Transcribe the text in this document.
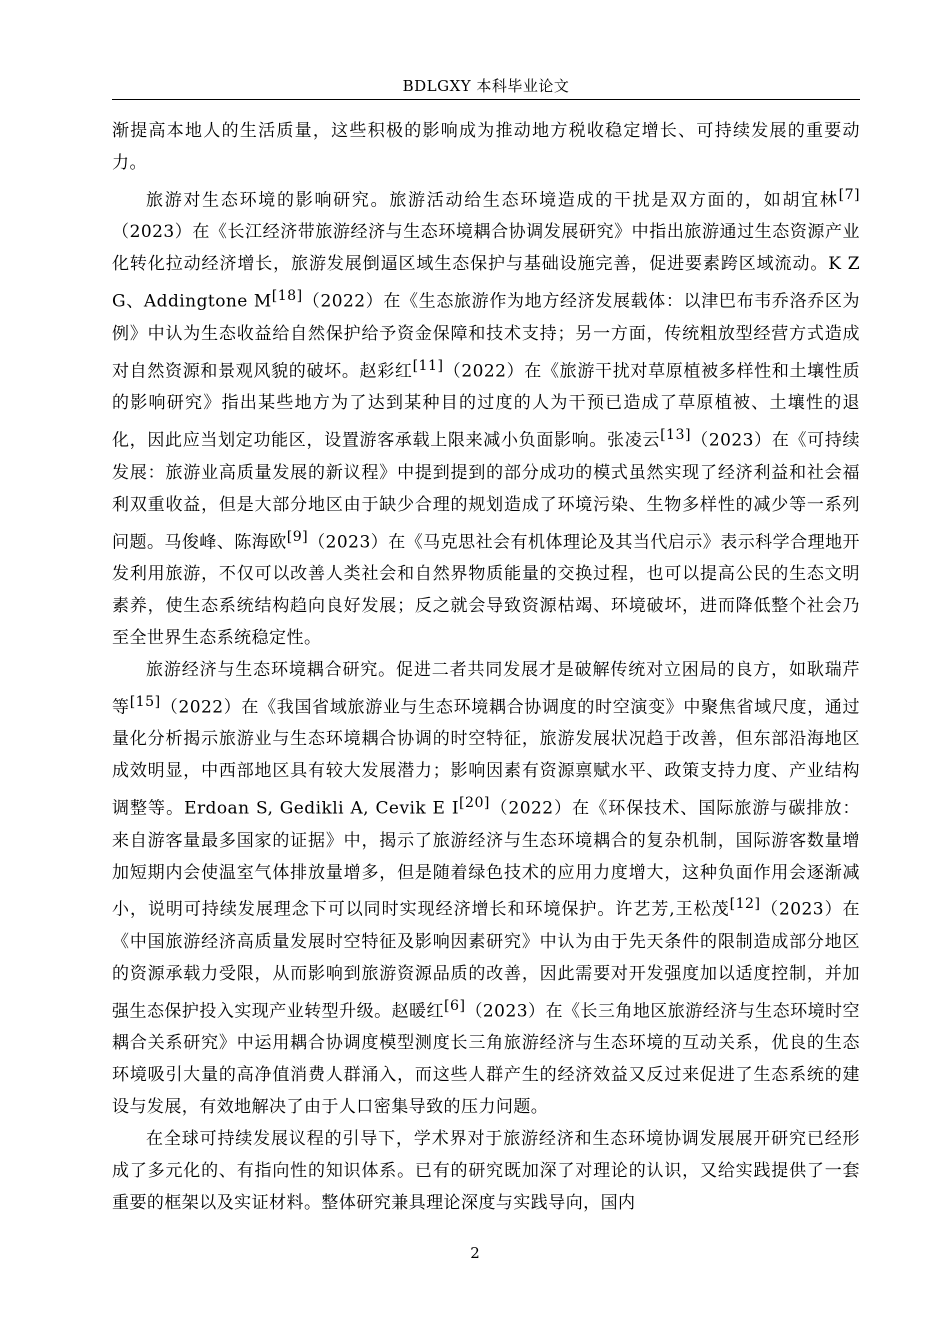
BDLGXY 本科毕业论文

渐提高本地人的生活质量，这些积极的影响成为推动地方税收稳定增长、可持续发展的重要动力。

旅游对生态环境的影响研究。旅游活动给生态环境造成的干扰是双方面的，如胡宜林[7]（2023）在《长江经济带旅游经济与生态环境耦合协调发展研究》中指出旅游通过生态资源产业化转化拉动经济增长，旅游发展倒逼区域生态保护与基础设施完善，促进要素跨区域流动。K Z G、Addingtone M[18]（2022）在《生态旅游作为地方经济发展载体：以津巴布韦乔洛乔区为例》中认为生态收益给自然保护给予资金保障和技术支持；另一方面，传统粗放型经营方式造成对自然资源和景观风貌的破坏。赵彩红[11]（2022）在《旅游干扰对草原植被多样性和土壤性质的影响研究》指出某些地方为了达到某种目的过度的人为干预已造成了草原植被、土壤性的退化，因此应当划定功能区，设置游客承载上限来减小负面影响。张凌云[13]（2023）在《可持续发展：旅游业高质量发展的新议程》中提到提到的部分成功的模式虽然实现了经济利益和社会福利双重收益，但是大部分地区由于缺少合理的规划造成了环境污染、生物多样性的减少等一系列问题。马俊峰、陈海欧[9]（2023）在《马克思社会有机体理论及其当代启示》表示科学合理地开发利用旅游，不仅可以改善人类社会和自然界物质能量的交换过程，也可以提高公民的生态文明素养，使生态系统结构趋向良好发展；反之就会导致资源枯竭、环境破坏，进而降低整个社会乃至全世界生态系统稳定性。

旅游经济与生态环境耦合研究。促进二者共同发展才是破解传统对立困局的良方，如耿瑞芹等[15]（2022）在《我国省域旅游业与生态环境耦合协调度的时空演变》中聚焦省域尺度，通过量化分析揭示旅游业与生态环境耦合协调的时空特征，旅游发展状况趋于改善，但东部沿海地区成效明显，中西部地区具有较大发展潜力；影响因素有资源禀赋水平、政策支持力度、产业结构调整等。Erdoan S, Gedikli A, Cevik E I[20]（2022）在《环保技术、国际旅游与碳排放：来自游客量最多国家的证据》中，揭示了旅游经济与生态环境耦合的复杂机制，国际游客数量增加短期内会使温室气体排放量增多，但是随着绿色技术的应用力度增大，这种负面作用会逐渐减小，说明可持续发展理念下可以同时实现经济增长和环境保护。许艺芳,王松茂[12]（2023）在《中国旅游经济高质量发展时空特征及影响因素研究》中认为由于先天条件的限制造成部分地区的资源承载力受限，从而影响到旅游资源品质的改善，因此需要对开发强度加以适度控制，并加强生态保护投入实现产业转型升级。赵暖红[6]（2023）在《长三角地区旅游经济与生态环境时空耦合关系研究》中运用耦合协调度模型测度长三角旅游经济与生态环境的互动关系，优良的生态环境吸引大量的高净值消费人群涌入，而这些人群产生的经济效益又反过来促进了生态系统的建设与发展，有效地解决了由于人口密集导致的压力问题。

在全球可持续发展议程的引导下，学术界对于旅游经济和生态环境协调发展展开研究已经形成了多元化的、有指向性的知识体系。已有的研究既加深了对理论的认识，又给实践提供了一套重要的框架以及实证材料。整体研究兼具理论深度与实践导向，国内

2
